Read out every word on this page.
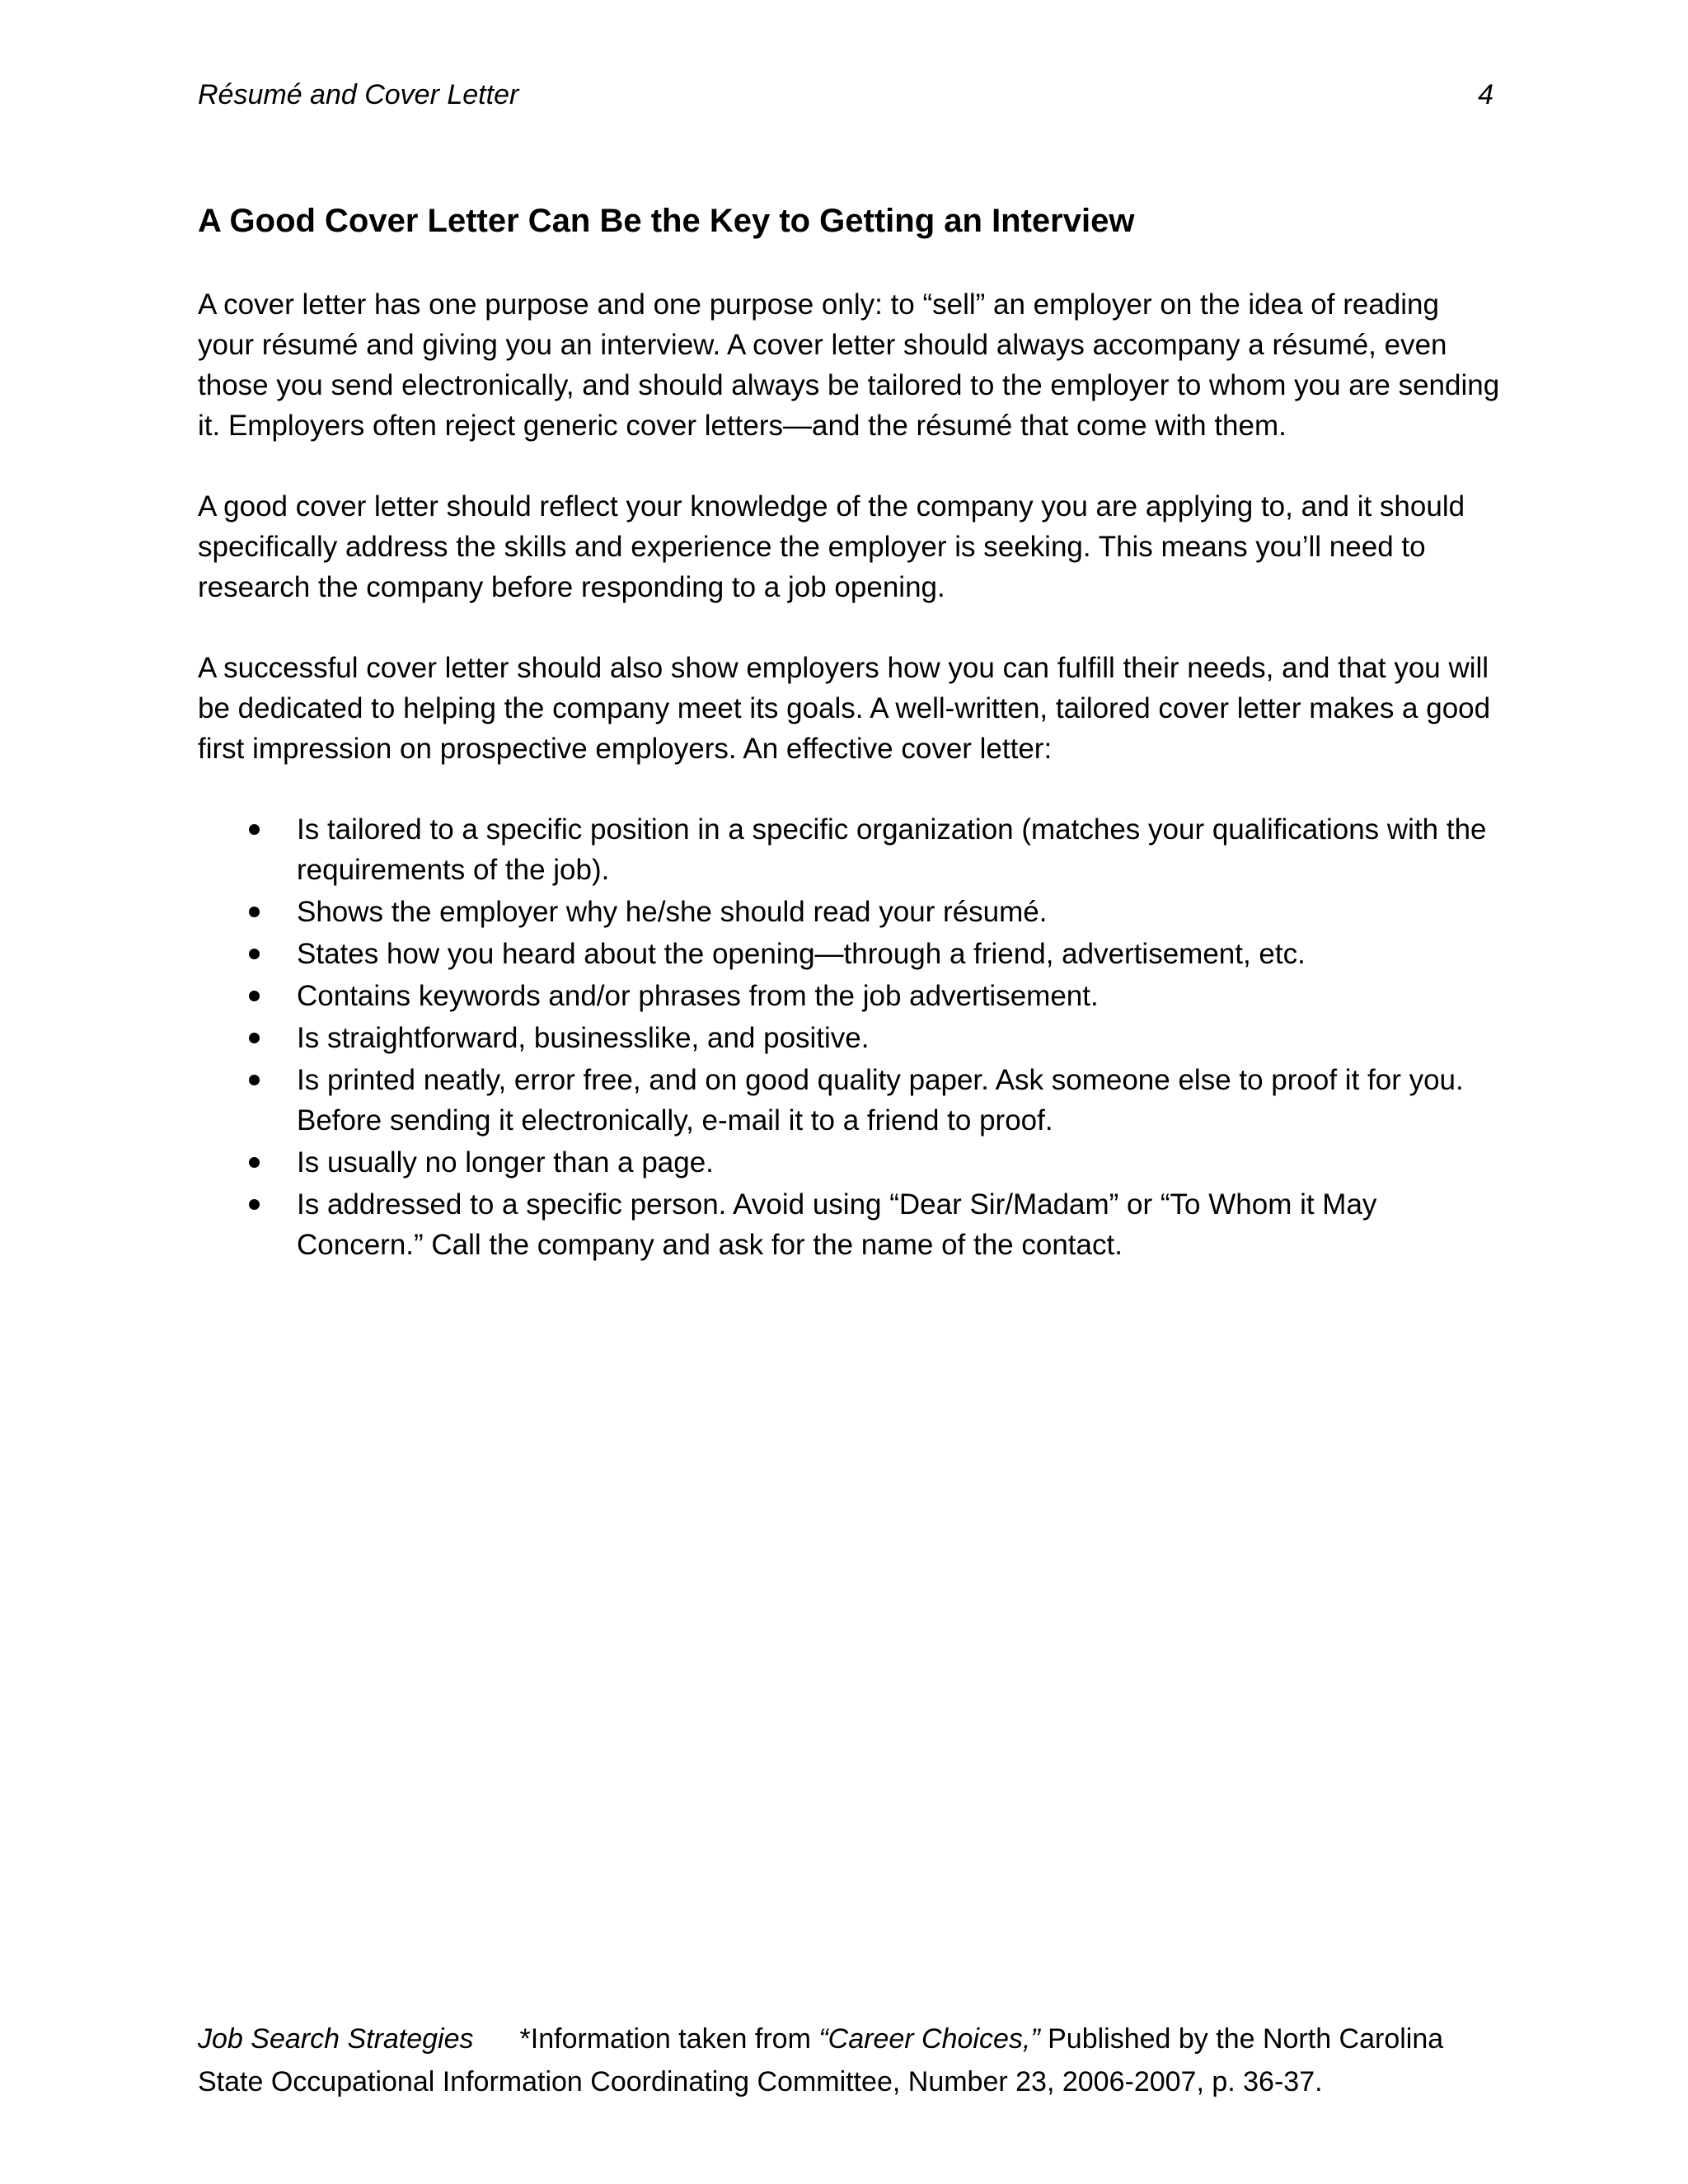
Résumé and Cover Letter	4
A Good Cover Letter Can Be the Key to Getting an Interview

A cover letter has one purpose and one purpose only: to “sell” an employer on the idea of reading your résumé and giving you an interview. A cover letter should always accompany a résumé, even those you send electronically, and should always be tailored to the employer to whom you are sending it. Employers often reject generic cover letters—and the résumé that come with them.

A good cover letter should reflect your knowledge of the company you are applying to, and it should specifically address the skills and experience the employer is seeking. This means you’ll need to research the company before responding to a job opening.

A successful cover letter should also show employers how you can fulfill their needs, and that you will be dedicated to helping the company meet its goals. A well-written, tailored cover letter makes a good first impression on prospective employers. An effective cover letter:

Is tailored to a specific position in a specific organization (matches your qualifications with the requirements of the job).
Shows the employer why he/she should read your résumé.
States how you heard about the opening—through a friend, advertisement, etc.
Contains keywords and/or phrases from the job advertisement.
Is straightforward, businesslike, and positive.
Is printed neatly, error free, and on good quality paper. Ask someone else to proof it for you. Before sending it electronically, e-mail it to a friend to proof.
Is usually no longer than a page.
Is addressed to a specific person. Avoid using “Dear Sir/Madam” or “To Whom it May Concern.” Call the company and ask for the name of the contact.
Job Search Strategies *Information taken from “Career Choices,” Published by the North Carolina State Occupational Information Coordinating Committee, Number 23, 2006-2007, p. 36-37.
